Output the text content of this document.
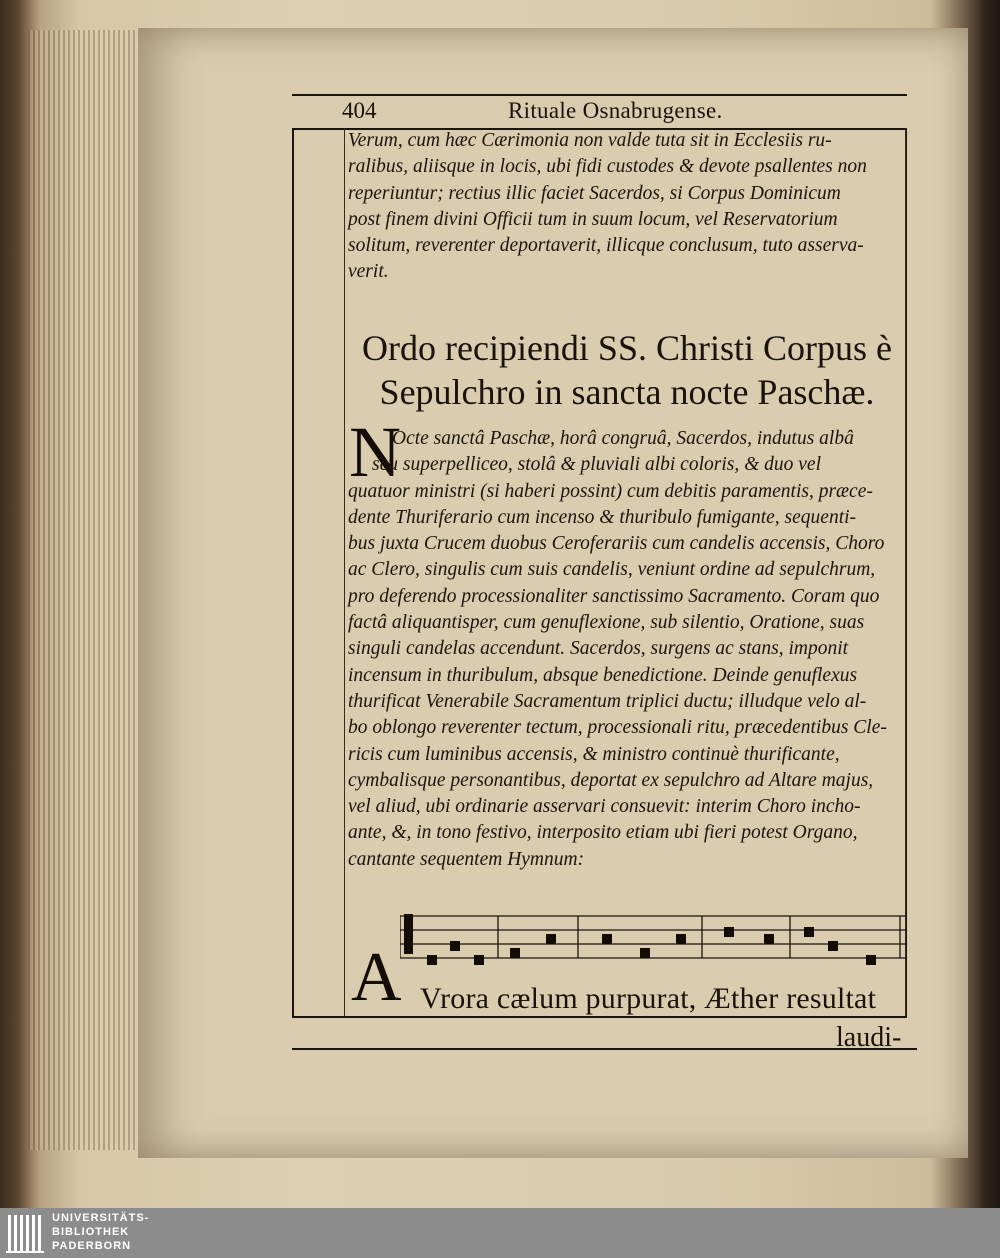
404	Rituale Osnabrugense.
Verum, cum hæc Cærimonia non valde tuta sit in Ecclesiis ru-
ralibus, aliisque in locis, ubi fidi custodes & devote psallentes non
reperiuntur; rectius illic faciet Sacerdos, si Corpus Dominicum
post finem divini Officii tum in suum locum, vel Reservatorium
solitum, reverenter deportaverit, illicque conclusum, tuto asserva-
verit.
Ordo recipiendi SS. Christi Corpus è
Sepulchro in sancta nocte Paschæ.
N
Octe sanctâ Paschæ, horâ congruâ, Sacerdos, indutus albâ
seu superpelliceo, stolâ & pluviali albi coloris, & duo vel
quatuor ministri (si haberi possint) cum debitis paramentis, præce-
dente Thuriferario cum incenso & thuribulo fumigante, sequenti-
bus juxta Crucem duobus Ceroferariis cum candelis accensis, Choro
ac Clero, singulis cum suis candelis, veniunt ordine ad sepulchrum,
pro deferendo processionaliter sanctissimo Sacramento. Coram quo
factâ aliquantisper, cum genuflexione, sub silentio, Oratione, suas
singuli candelas accendunt. Sacerdos, surgens ac stans, imponit
incensum in thuribulum, absque benedictione. Deinde genuflexus
thurificat Venerabile Sacramentum triplici ductu; illudque velo al-
bo oblongo reverenter tectum, processionali ritu, præcedentibus Cle-
ricis cum luminibus accensis, & ministro continuè thurificante,
cymbalisque personantibus, deportat ex sepulchro ad Altare majus,
vel aliud, ubi ordinarie asservari consuevit: interim Choro incho-
ante, &, in tono festivo, interposito etiam ubi fieri potest Organo,
cantante sequentem Hymnum:
A Vrora cælum purpurat, Æther resultat
laudi-
UNIVERSITÄTS-
BIBLIOTHEK
PADERBORN
